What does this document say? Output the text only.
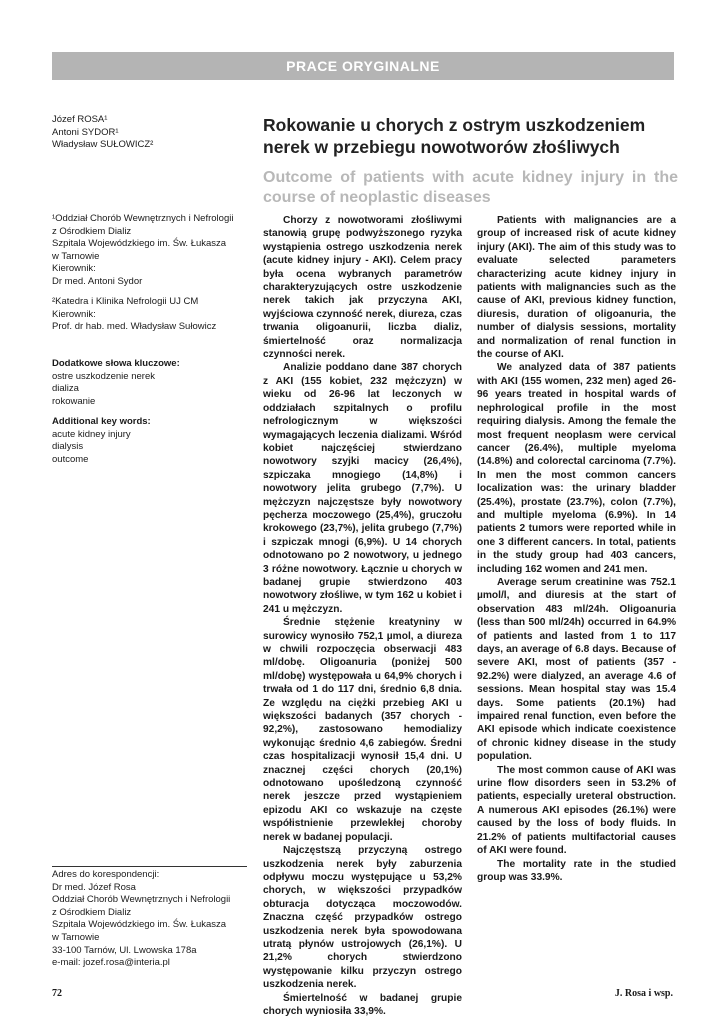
PRACE ORYGINALNE

Józef ROSA¹

Antoni SYDOR¹

Władysław SUŁOWICZ²

¹Oddział Chorób Wewnętrznych i Nefrologii

z Ośrodkiem Dializ

Szpitala Wojewódzkiego im. Św. Łukasza

w Tarnowie

Kierownik:

Dr med. Antoni Sydor

²Katedra i Klinika Nefrologii UJ CM

Kierownik:

Prof. dr hab. med. Władysław Sułowicz

Dodatkowe słowa kluczowe:

ostre uszkodzenie nerek

dializa

rokowanie

Additional key words:

acute kidney injury

dialysis

outcome

Rokowanie u chorych z ostrym uszkodzeniem nerek w przebiegu nowotworów złośliwych
Outcome of patients with acute kidney injury in the course of neoplastic diseases

Chorzy z nowotworami złośliwymi stanowią grupę podwyższonego ryzyka wystąpienia ostrego uszkodzenia nerek (acute kidney injury - AKI). Celem pracy była ocena wybranych parametrów charakteryzujących ostre uszkodzenie nerek takich jak przyczyna AKI, wyjściowa czynność nerek, diureza, czas trwania oligoanurii, liczba dializ, śmiertelność oraz normalizacja czynności nerek.

Analizie poddano dane 387 chorych z AKI (155 kobiet, 232 mężczyzn) w wieku od 26-96 lat leczonych w oddziałach szpitalnych o profilu nefrologicznym w większości wymagających leczenia dializami. Wśród kobiet najczęściej stwierdzano nowotwory szyjki macicy (26,4%), szpiczaka mnogiego (14,8%) i nowotwory jelita grubego (7,7%). U mężczyzn najczęstsze były nowotwory pęcherza moczowego (25,4%), gruczołu krokowego (23,7%), jelita grubego (7,7%) i szpiczak mnogi (6,9%). U 14 chorych odnotowano po 2 nowotwory, u jednego 3 różne nowotwory. Łącznie u chorych w badanej grupie stwierdzono 403 nowotwory złośliwe, w tym 162 u kobiet i 241 u mężczyzn.

Średnie stężenie kreatyniny w surowicy wynosiło 752,1 µmol, a diureza w chwili rozpoczęcia obserwacji 483 ml/dobę. Oligoanuria (poniżej 500 ml/dobę) występowała u 64,9% chorych i trwała od 1 do 117 dni, średnio 6,8 dnia. Ze względu na ciężki przebieg AKI u większości badanych (357 chorych - 92,2%), zastosowano hemodializy wykonując średnio 4,6 zabiegów. Średni czas hospitalizacji wynosił 15,4 dni. U znacznej części chorych (20,1%) odnotowano upośledzoną czynność nerek jeszcze przed wystąpieniem epizodu AKI co wskazuje na częste współistnienie przewlekłej choroby nerek w badanej populacji.

Najczęstszą przyczyną ostrego uszkodzenia nerek były zaburzenia odpływu moczu występujące u 53,2% chorych, w większości przypadków obturacja dotycząca moczowodów. Znaczna część przypadków ostrego uszkodzenia nerek była spowodowana utratą płynów ustrojowych (26,1%). U 21,2% chorych stwierdzono występowanie kilku przyczyn ostrego uszkodzenia nerek.

Śmiertelność w badanej grupie chorych wyniosiła 33,9%.

Patients with malignancies are a group of increased risk of acute kidney injury (AKI). The aim of this study was to evaluate selected parameters characterizing acute kidney injury in patients with malignancies such as the cause of AKI, previous kidney function, diuresis, duration of oligoanuria, the number of dialysis sessions, mortality and normalization of renal function in the course of AKI.

We analyzed data of 387 patients with AKI (155 women, 232 men) aged 26-96 years treated in hospital wards of nephrological profile in the most requiring dialysis. Among the female the most frequent neoplasm were cervical cancer (26.4%), multiple myeloma (14.8%) and colorectal carcinoma (7.7%). In men the most common cancers localization was: the urinary bladder (25.4%), prostate (23.7%), colon (7.7%), and multiple myeloma (6.9%). In 14 patients 2 tumors were reported while in one 3 different cancers. In total, patients in the study group had 403 cancers, including 162 women and 241 men.

Average serum creatinine was 752.1 µmol/l, and diuresis at the start of observation 483 ml/24h. Oligoanuria (less than 500 ml/24h) occurred in 64.9% of patients and lasted from 1 to 117 days, an average of 6.8 days. Because of severe AKI, most of patients (357 - 92.2%) were dialyzed, an average 4.6 of sessions. Mean hospital stay was 15.4 days. Some patients (20.1%) had impaired renal function, even before the AKI episode which indicate coexistence of chronic kidney disease in the study population.

The most common cause of AKI was urine flow disorders seen in 53.2% of patients, especially ureteral obstruction. A numerous AKI episodes (26.1%) were caused by the loss of body fluids. In 21.2% of patients multifactorial causes of AKI were found.

The mortality rate in the studied group was 33.9%.

Adres do korespondencji:

Dr med. Józef Rosa

Oddział Chorób Wewnętrznych i Nefrologii

z Ośrodkiem Dializ

Szpitala Wojewódzkiego im. Św. Łukasza

w Tarnowie

33-100 Tarnów, Ul. Lwowska 178a

e-mail: jozef.rosa@interia.pl

72	J. Rosa i wsp.
